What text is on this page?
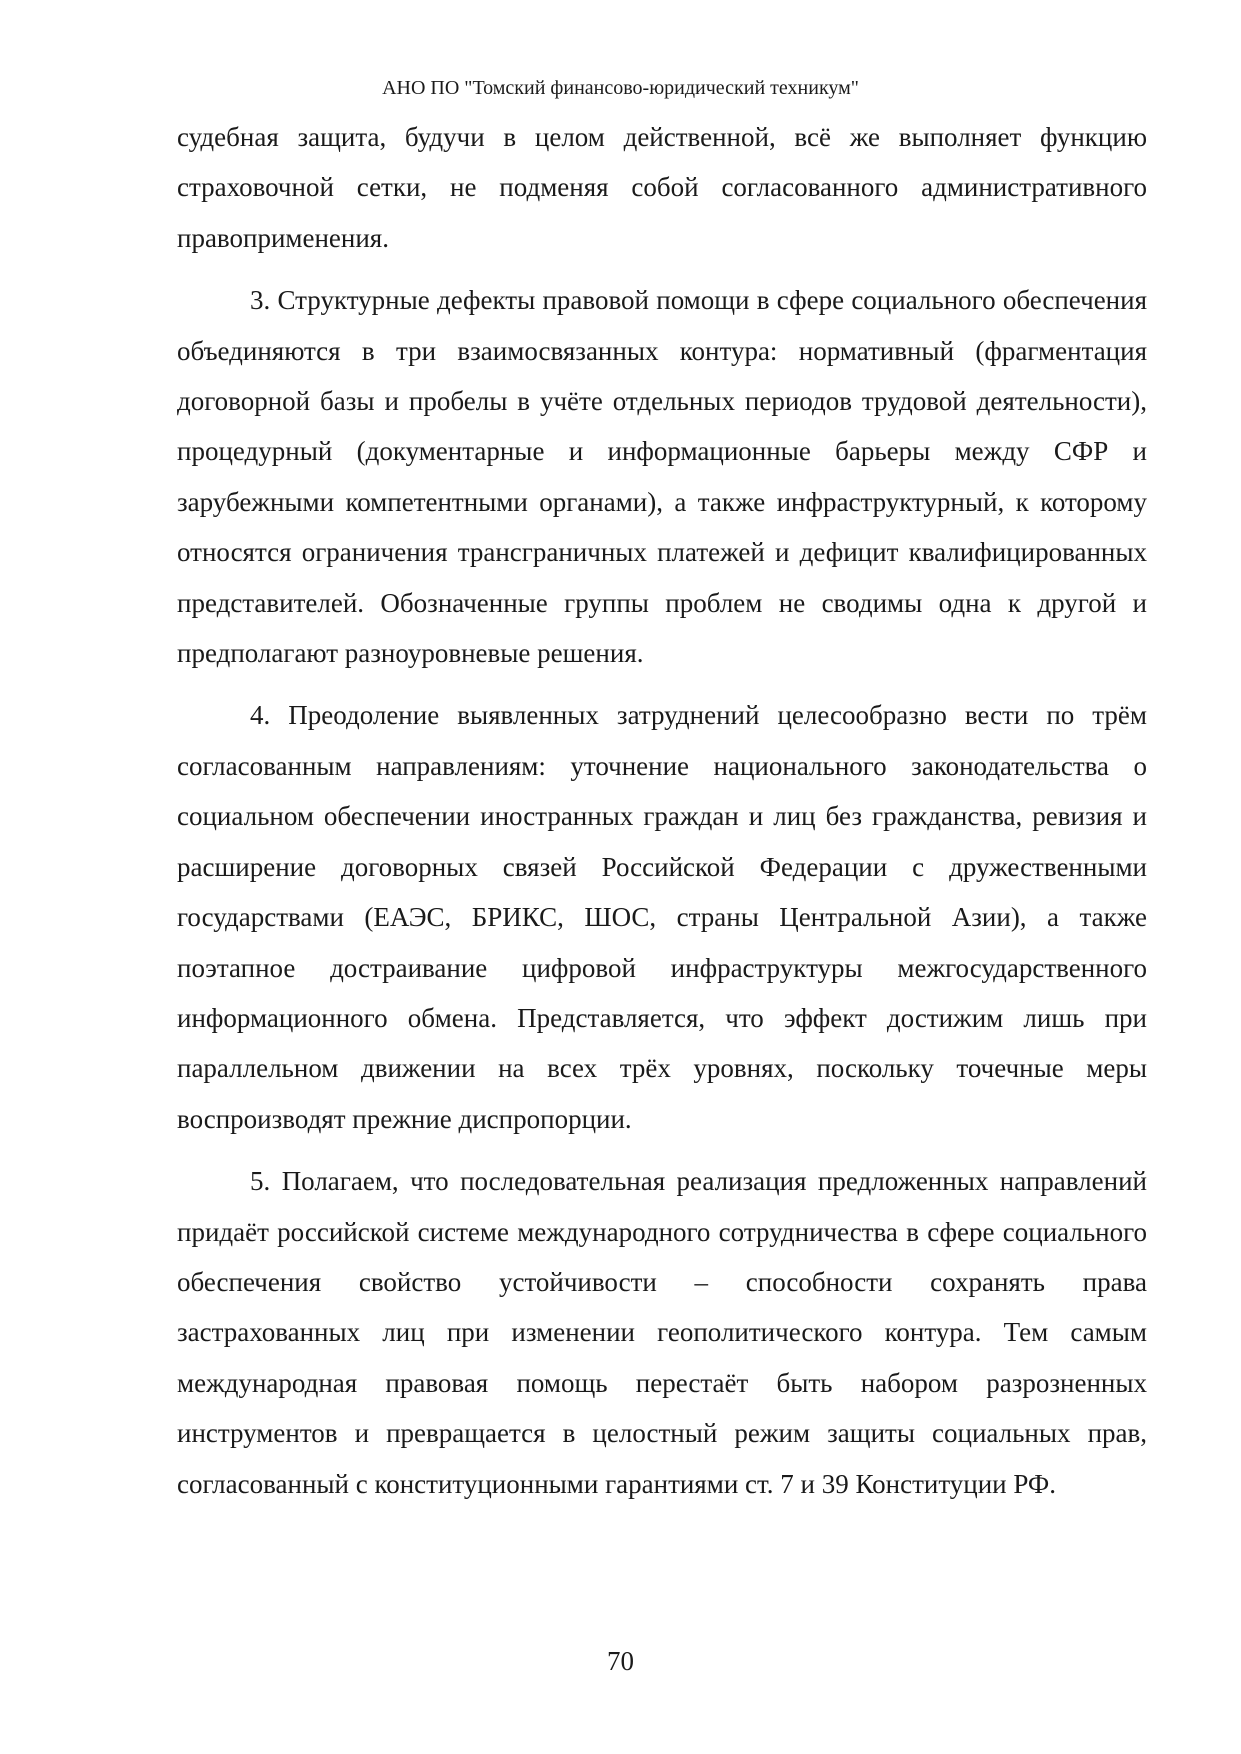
АНО ПО "Томский финансово-юридический техникум"

судебная защита, будучи в целом действенной, всё же выполняет функцию страховочной сетки, не подменяя собой согласованного административного правоприменения.

3. Структурные дефекты правовой помощи в сфере социального обеспечения объединяются в три взаимосвязанных контура: нормативный (фрагментация договорной базы и пробелы в учёте отдельных периодов трудовой деятельности), процедурный (документарные и информационные барьеры между СФР и зарубежными компетентными органами), а также инфраструктурный, к которому относятся ограничения трансграничных платежей и дефицит квалифицированных представителей. Обозначенные группы проблем не сводимы одна к другой и предполагают разноуровневые решения.

4. Преодоление выявленных затруднений целесообразно вести по трём согласованным направлениям: уточнение национального законодательства о социальном обеспечении иностранных граждан и лиц без гражданства, ревизия и расширение договорных связей Российской Федерации с дружественными государствами (ЕАЭС, БРИКС, ШОС, страны Центральной Азии), а также поэтапное достраивание цифровой инфраструктуры межгосударственного информационного обмена. Представляется, что эффект достижим лишь при параллельном движении на всех трёх уровнях, поскольку точечные меры воспроизводят прежние диспропорции.

5. Полагаем, что последовательная реализация предложенных направлений придаёт российской системе международного сотрудничества в сфере социального обеспечения свойство устойчивости – способности сохранять права застрахованных лиц при изменении геополитического контура. Тем самым международная правовая помощь перестаёт быть набором разрозненных инструментов и превращается в целостный режим защиты социальных прав, согласованный с конституционными гарантиями ст. 7 и 39 Конституции РФ.

70
